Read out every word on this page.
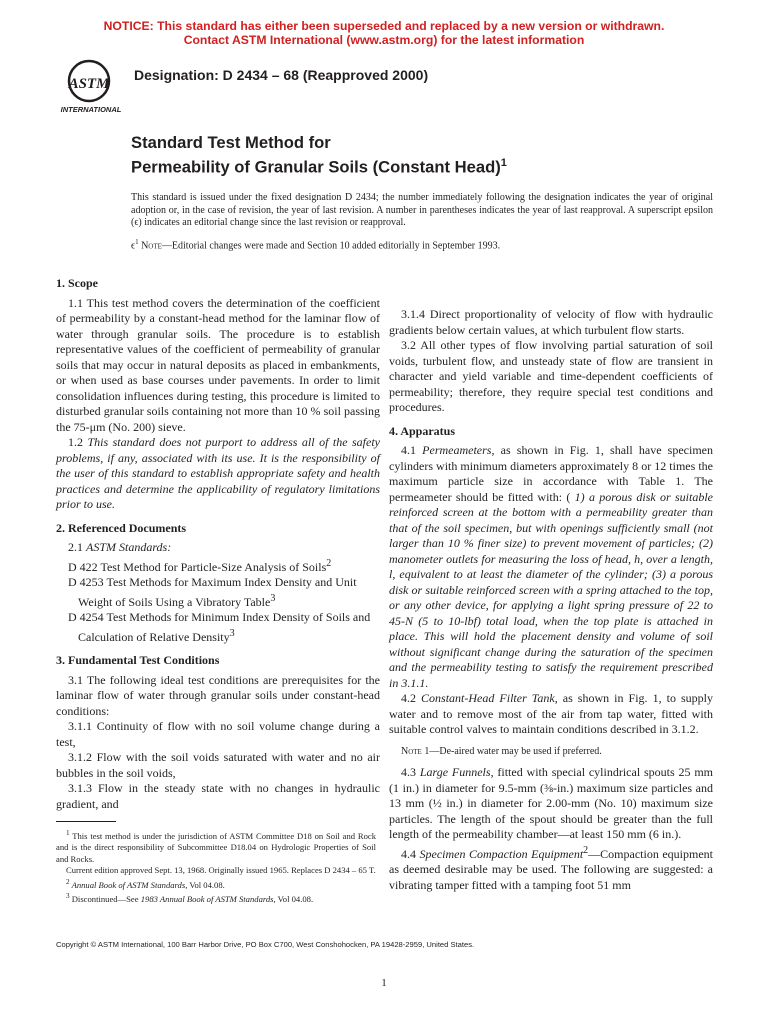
NOTICE: This standard has either been superseded and replaced by a new version or withdrawn.
Contact ASTM International (www.astm.org) for the latest information
ASTM
INTERNATIONAL
Designation: D 2434 – 68 (Reapproved 2000)
Standard Test Method for
Permeability of Granular Soils (Constant Head)$^1$
This standard is issued under the fixed designation D 2434; the number immediately following the designation indicates the year of original adoption or, in the case of revision, the year of last revision. A number in parentheses indicates the year of last reapproval. A superscript epsilon (ϵ) indicates an editorial change since the last revision or reapproval.
$\epsilon^1$ Note—Editorial changes were made and Section 10 added editorially in September 1993.
1. Scope

1.1 This test method covers the determination of the coefficient of permeability by a constant-head method for the laminar flow of water through granular soils. The procedure is to establish representative values of the coefficient of permeability of granular soils that may occur in natural deposits as placed in embankments, or when used as base courses under pavements. In order to limit consolidation influences during testing, this procedure is limited to disturbed granular soils containing not more than 10 % soil passing the 75-μm (No. 200) sieve.

1.2 This standard does not purport to address all of the safety problems, if any, associated with its use. It is the responsibility of the user of this standard to establish appropriate safety and health practices and determine the applicability of regulatory limitations prior to use.

2. Referenced Documents

2.1 ASTM Standards:

D 422 Test Method for Particle-Size Analysis of Soils$^2$

D 4253 Test Methods for Maximum Index Density and Unit Weight of Soils Using a Vibratory Table$^3$

D 4254 Test Methods for Minimum Index Density of Soils and Calculation of Relative Density$^3$

3. Fundamental Test Conditions

3.1 The following ideal test conditions are prerequisites for the laminar flow of water through granular soils under constant-head conditions:

3.1.1 Continuity of flow with no soil volume change during a test,

3.1.2 Flow with the soil voids saturated with water and no air bubbles in the soil voids,

3.1.3 Flow in the steady state with no changes in hydraulic gradient, and

3.1.4 Direct proportionality of velocity of flow with hydraulic gradients below certain values, at which turbulent flow starts.

3.2 All other types of flow involving partial saturation of soil voids, turbulent flow, and unsteady state of flow are transient in character and yield variable and time-dependent coefficients of permeability; therefore, they require special test conditions and procedures.

4. Apparatus

4.1 Permeameters, as shown in Fig. 1, shall have specimen cylinders with minimum diameters approximately 8 or 12 times the maximum particle size in accordance with Table 1. The permeameter should be fitted with: ( 1) a porous disk or suitable reinforced screen at the bottom with a permeability greater than that of the soil specimen, but with openings sufficiently small (not larger than 10 % finer size) to prevent movement of particles; (2) manometer outlets for measuring the loss of head, h, over a length, l, equivalent to at least the diameter of the cylinder; (3) a porous disk or suitable reinforced screen with a spring attached to the top, or any other device, for applying a light spring pressure of 22 to 45-N (5 to 10-lbf) total load, when the top plate is attached in place. This will hold the placement density and volume of soil without significant change during the saturation of the specimen and the permeability testing to satisfy the requirement prescribed in 3.1.1.

4.2 Constant-Head Filter Tank, as shown in Fig. 1, to supply water and to remove most of the air from tap water, fitted with suitable control valves to maintain conditions described in 3.1.2.

Note 1—De-aired water may be used if preferred.

4.3 Large Funnels, fitted with special cylindrical spouts 25 mm (1 in.) in diameter for 9.5-mm (⅜-in.) maximum size particles and 13 mm (½ in.) in diameter for 2.00-mm (No. 10) maximum size particles. The length of the spout should be greater than the full length of the permeability chamber—at least 150 mm (6 in.).

4.4 Specimen Compaction Equipment$^2$—Compaction equipment as deemed desirable may be used. The following are suggested: a vibrating tamper fitted with a tamping foot 51 mm

$^1$ This test method is under the jurisdiction of ASTM Committee D18 on Soil and Rock and is the direct responsibility of Subcommittee D18.04 on Hydrologic Properties of Soil and Rocks.

Current edition approved Sept. 13, 1968. Originally issued 1965. Replaces D 2434 – 65 T.

$^2$ Annual Book of ASTM Standards, Vol 04.08.

$^3$ Discontinued—See 1983 Annual Book of ASTM Standards, Vol 04.08.

Copyright © ASTM International, 100 Barr Harbor Drive, PO Box C700, West Conshohocken, PA 19428-2959, United States.
1
